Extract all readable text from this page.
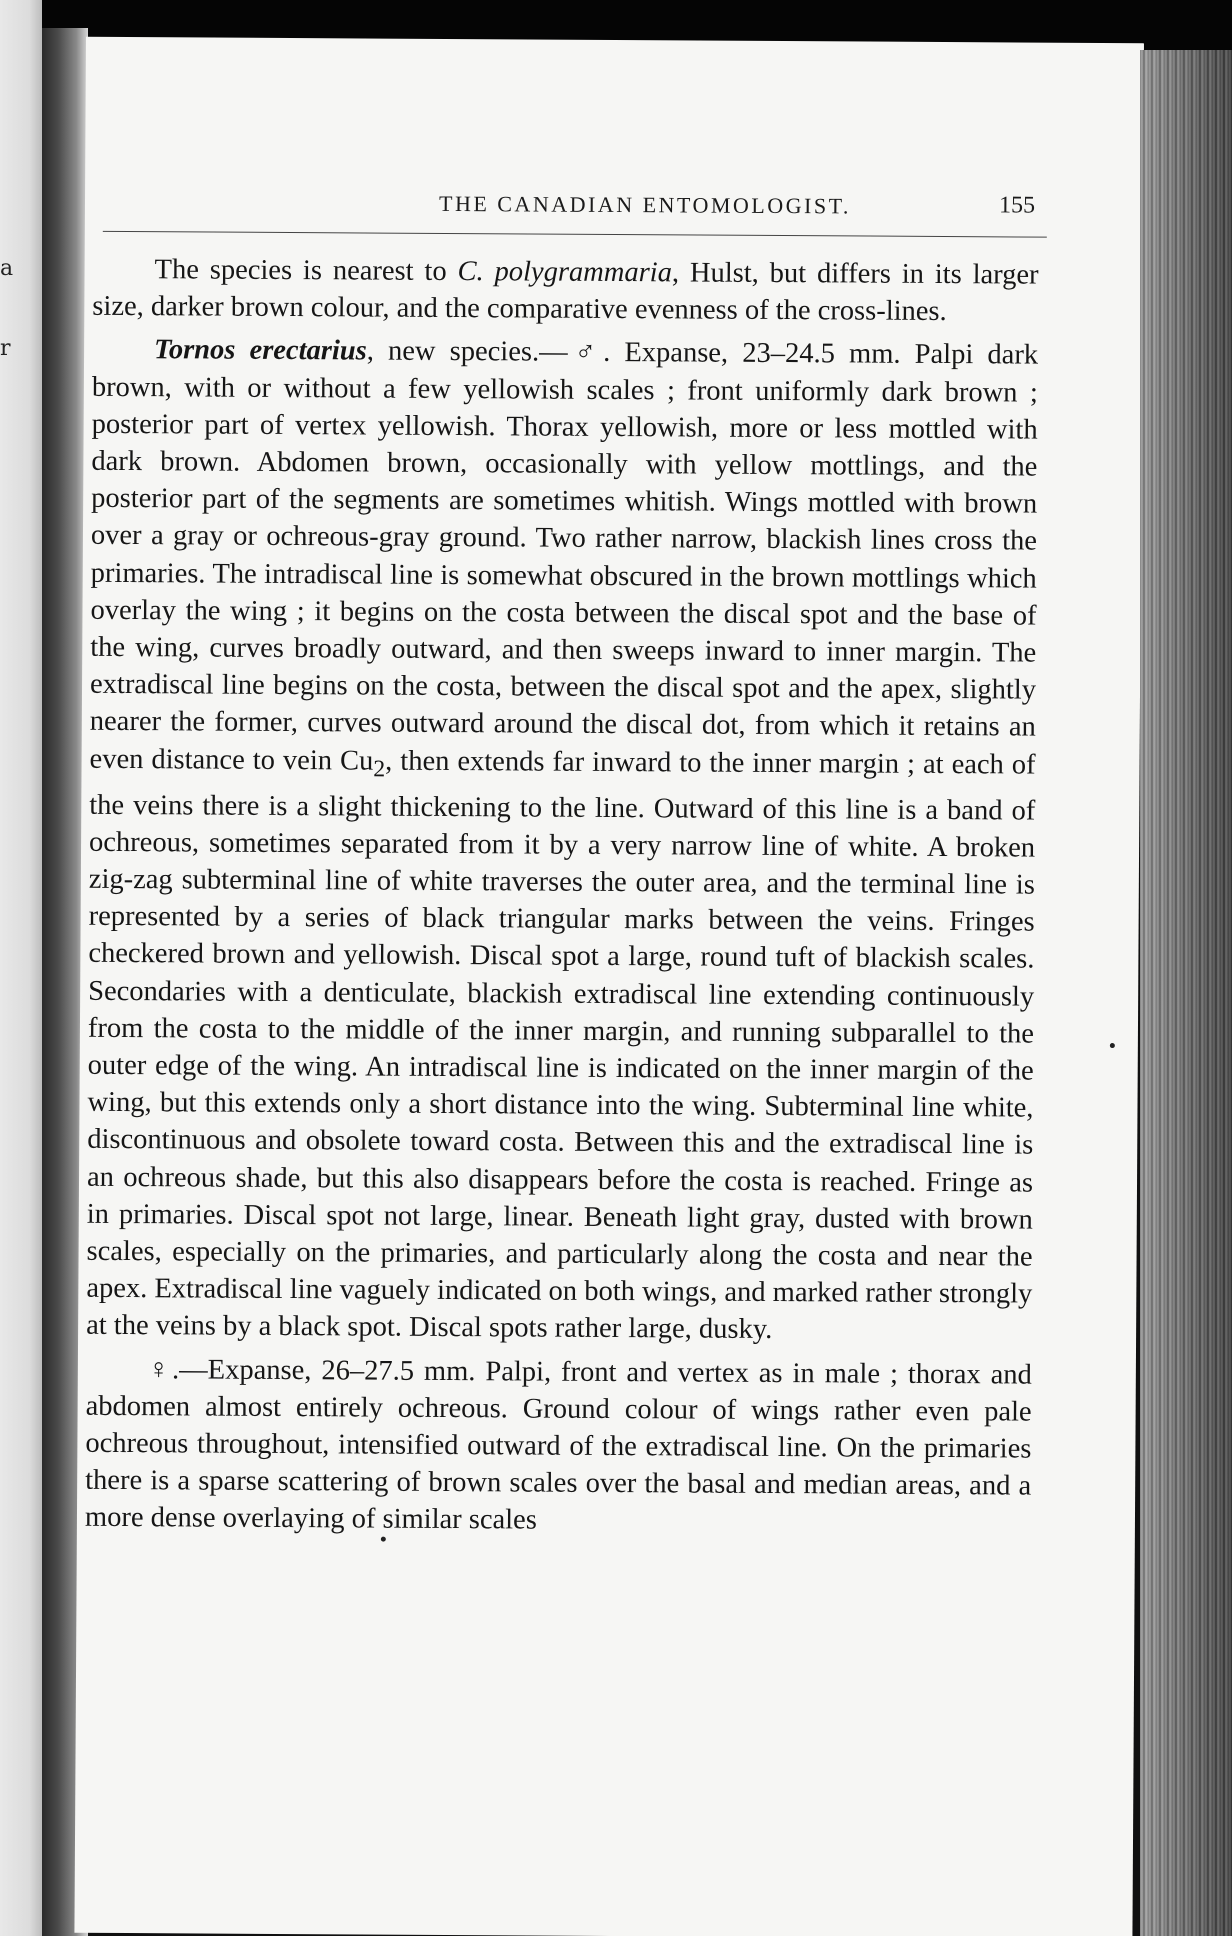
a
r
THE CANADIAN ENTOMOLOGIST.	155

The species is nearest to C. polygrammaria, Hulst, but differs in its larger size, darker brown colour, and the comparative evenness of the cross-lines.

Tornos erectarius, new species.—♂. Expanse, 23–24.5 mm. Palpi dark brown, with or without a few yellowish scales ; front uniformly dark brown ; posterior part of vertex yellowish. Thorax yellowish, more or less mottled with dark brown. Abdomen brown, occasionally with yellow mottlings, and the posterior part of the segments are sometimes whitish. Wings mottled with brown over a gray or ochreous-gray ground. Two rather narrow, blackish lines cross the primaries. The intradiscal line is somewhat obscured in the brown mottlings which overlay the wing ; it begins on the costa between the discal spot and the base of the wing, curves broadly outward, and then sweeps inward to inner margin. The extradiscal line begins on the costa, between the discal spot and the apex, slightly nearer the former, curves outward around the discal dot, from which it retains an even distance to vein $Cu_2$, then extends far inward to the inner margin ; at each of the veins there is a slight thickening to the line. Outward of this line is a band of ochreous, sometimes separated from it by a very narrow line of white. A broken zig-zag subterminal line of white traverses the outer area, and the terminal line is represented by a series of black triangular marks between the veins. Fringes checkered brown and yellowish. Discal spot a large, round tuft of blackish scales. Secondaries with a denticulate, blackish extradiscal line extending continuously from the costa to the middle of the inner margin, and running subparallel to the outer edge of the wing. An intradiscal line is indicated on the inner margin of the wing, but this extends only a short distance into the wing. Subterminal line white, discontinuous and obsolete toward costa. Between this and the extradiscal line is an ochreous shade, but this also disappears before the costa is reached. Fringe as in primaries. Discal spot not large, linear. Beneath light gray, dusted with brown scales, especially on the primaries, and particularly along the costa and near the apex. Extradiscal line vaguely indicated on both wings, and marked rather strongly at the veins by a black spot. Discal spots rather large, dusky.

♀.—Expanse, 26–27.5 mm. Palpi, front and vertex as in male ; thorax and abdomen almost entirely ochreous. Ground colour of wings rather even pale ochreous throughout, intensified outward of the extradiscal line. On the primaries there is a sparse scattering of brown scales over the basal and median areas, and a more dense overlaying of similar scales
